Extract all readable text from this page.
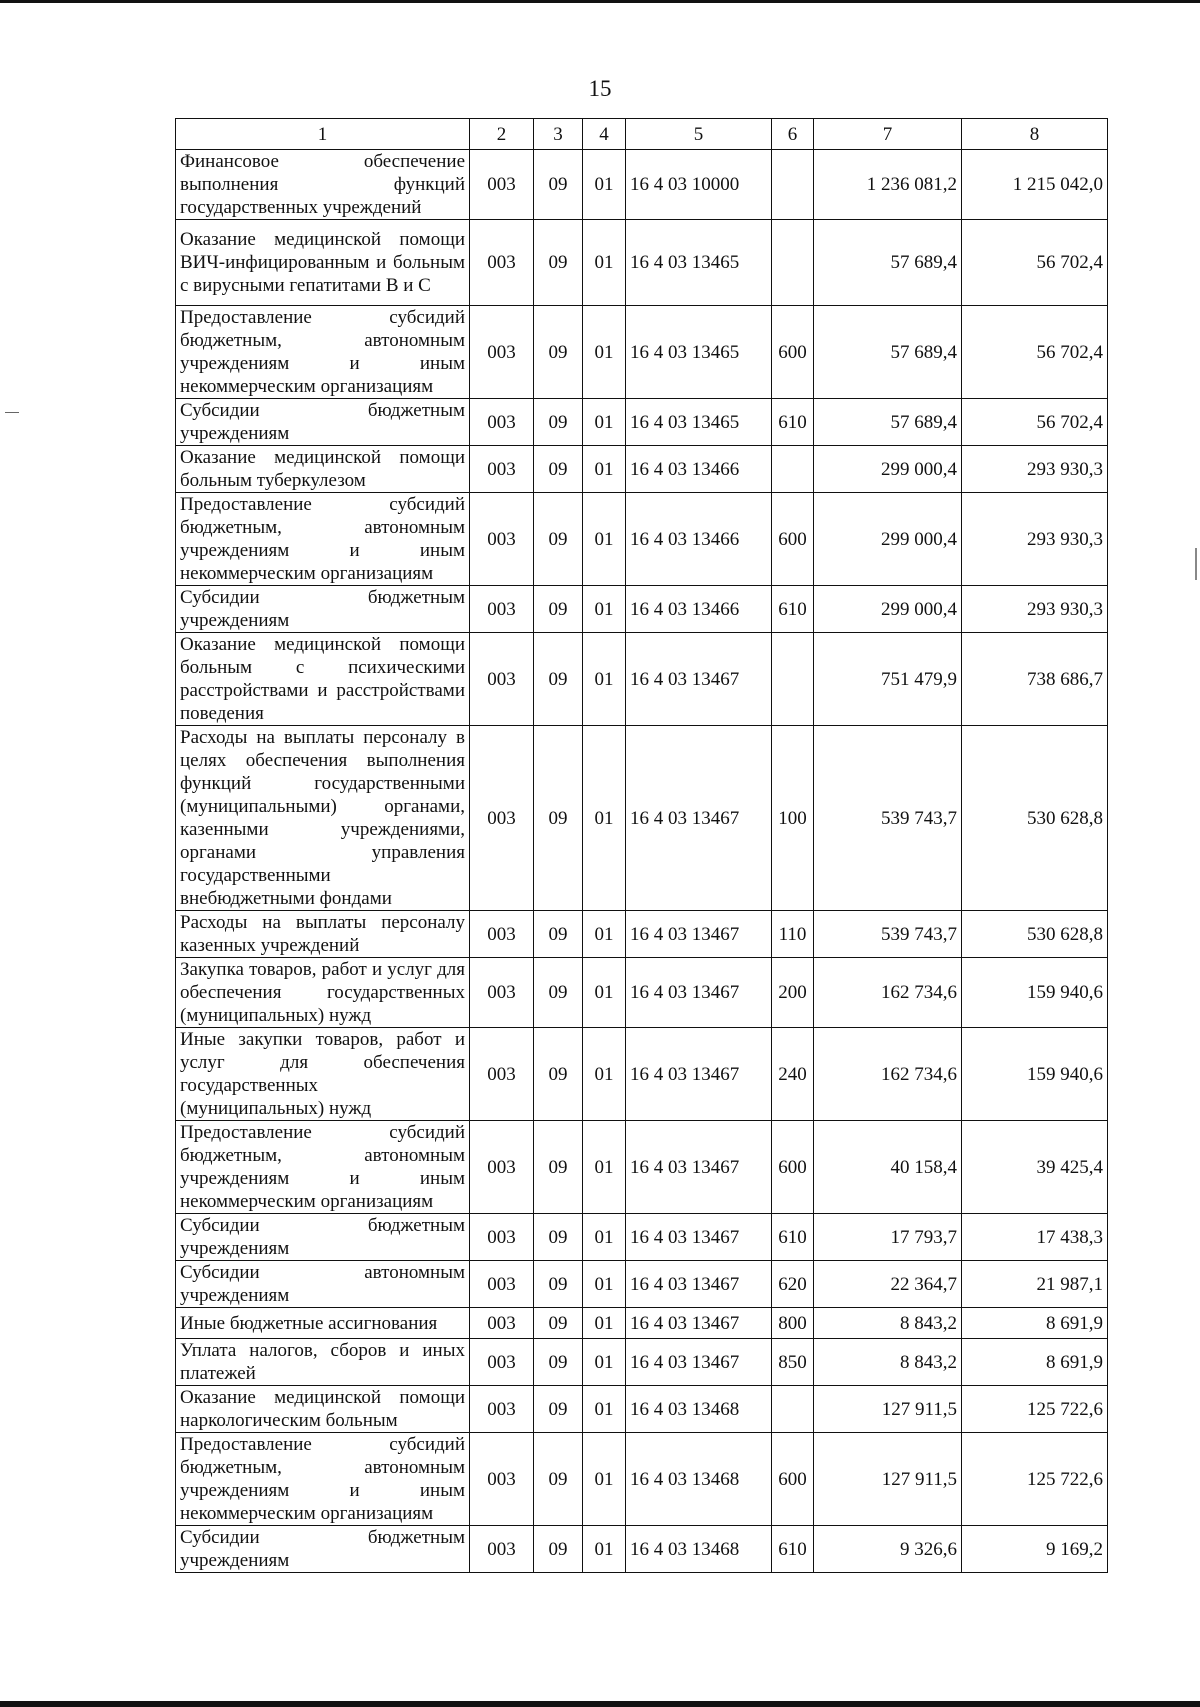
15
1	2	3	4	5	6	7	8
Финансовое обеспечение выполнения функций государственных учреждений	003	09	01	16 4 03 10000		1 236 081,2	1 215 042,0
Оказание медицинской помощи ВИЧ-инфицированным и больным с вирусными гепатитами В и С	003	09	01	16 4 03 13465		57 689,4	56 702,4
Предоставление субсидий бюджетным, автономным учреждениям и иным некоммерческим организациям	003	09	01	16 4 03 13465	600	57 689,4	56 702,4
Субсидии бюджетным учреждениям	003	09	01	16 4 03 13465	610	57 689,4	56 702,4
Оказание медицинской помощи больным туберкулезом	003	09	01	16 4 03 13466		299 000,4	293 930,3
Предоставление субсидий бюджетным, автономным учреждениям и иным некоммерческим организациям	003	09	01	16 4 03 13466	600	299 000,4	293 930,3
Субсидии бюджетным учреждениям	003	09	01	16 4 03 13466	610	299 000,4	293 930,3
Оказание медицинской помощи больным с психическими расстройствами и расстройствами поведения	003	09	01	16 4 03 13467		751 479,9	738 686,7
Расходы на выплаты персоналу в целях обеспечения выполнения функций государственными (муниципальными) органами, казенными учреждениями, органами управления государственными внебюджетными фондами	003	09	01	16 4 03 13467	100	539 743,7	530 628,8
Расходы на выплаты персоналу казенных учреждений	003	09	01	16 4 03 13467	110	539 743,7	530 628,8
Закупка товаров, работ и услуг для обеспечения государственных (муниципальных) нужд	003	09	01	16 4 03 13467	200	162 734,6	159 940,6
Иные закупки товаров, работ и услуг для обеспечения государственных (муниципальных) нужд	003	09	01	16 4 03 13467	240	162 734,6	159 940,6
Предоставление субсидий бюджетным, автономным учреждениям и иным некоммерческим организациям	003	09	01	16 4 03 13467	600	40 158,4	39 425,4
Субсидии бюджетным учреждениям	003	09	01	16 4 03 13467	610	17 793,7	17 438,3
Субсидии автономным учреждениям	003	09	01	16 4 03 13467	620	22 364,7	21 987,1
Иные бюджетные ассигнования	003	09	01	16 4 03 13467	800	8 843,2	8 691,9
Уплата налогов, сборов и иных платежей	003	09	01	16 4 03 13467	850	8 843,2	8 691,9
Оказание медицинской помощи наркологическим больным	003	09	01	16 4 03 13468		127 911,5	125 722,6
Предоставление субсидий бюджетным, автономным учреждениям и иным некоммерческим организациям	003	09	01	16 4 03 13468	600	127 911,5	125 722,6
Субсидии бюджетным учреждениям	003	09	01	16 4 03 13468	610	9 326,6	9 169,2
